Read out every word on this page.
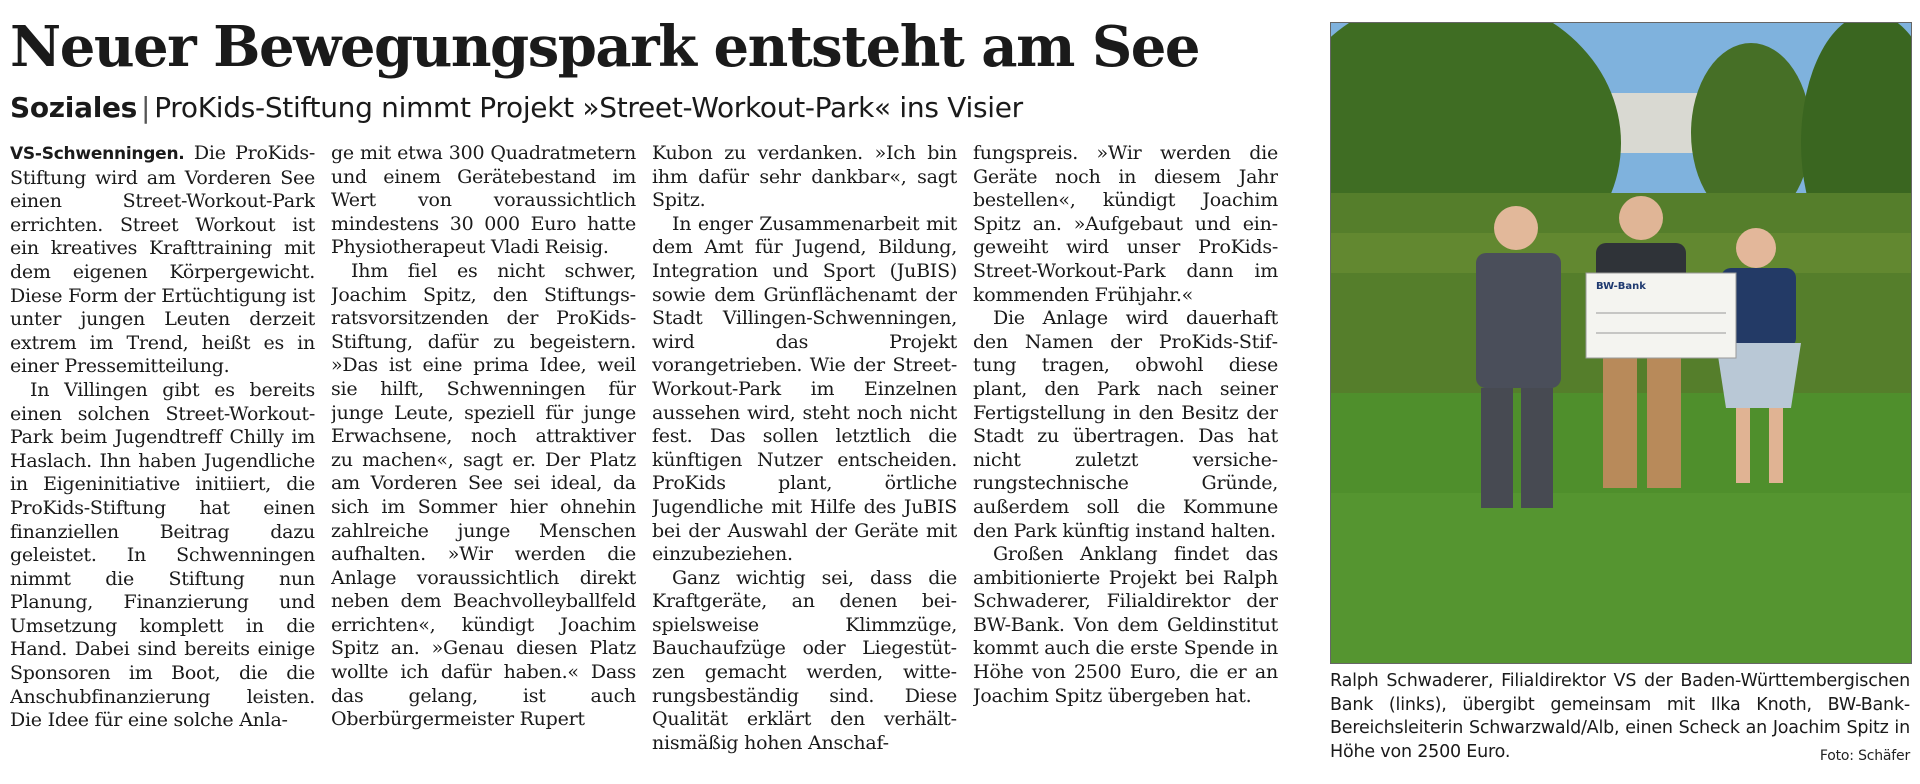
Neuer Bewegungspark entsteht am See
Soziales | ProKids-Stiftung nimmt Projekt »Street-Workout-Park« ins Visier

VS-Schwenningen. Die ProKids-Stiftung wird am Vorderen See einen Street-Workout-Park errichten. Street Workout ist ein kreatives Krafttraining mit dem eigenen Körpergewicht. Diese Form der Ertüchtigung ist unter jungen Leuten derzeit extrem im Trend, heißt es in einer Pressemitteilung.

In Villingen gibt es bereits einen solchen Street-Workout-Park beim Jugendtreff Chilly im Haslach. Ihn haben Jugendliche in Eigeninitiative initiiert, die ProKids-Stiftung hat einen finanziellen Beitrag dazu geleistet. In Schwenningen nimmt die Stiftung nun Planung, Finanzierung und Umsetzung komplett in die Hand. Dabei sind bereits einige Sponsoren im Boot, die die Anschubfinanzierung leisten. Die Idee für eine solche Anla-

ge mit etwa 300 Quadratmetern und einem Gerätebestand im Wert von voraussichtlich mindestens 30 000 Euro hatte Physiotherapeut Vladi Reisig.

Ihm fiel es nicht schwer, Joachim Spitz, den Stiftungsratsvorsitzenden der ProKids-Stiftung, dafür zu begeistern. »Das ist eine prima Idee, weil sie hilft, Schwenningen für junge Leute, speziell für junge Erwachsene, noch attraktiver zu machen«, sagt er. Der Platz am Vorderen See sei ideal, da sich im Sommer hier ohnehin zahlreiche junge Menschen aufhalten. »Wir werden die Anlage voraussichtlich direkt neben dem Beachvolleyballfeld errichten«, kündigt Joachim Spitz an. »Genau diesen Platz wollte ich dafür haben.« Dass das gelang, ist auch Oberbürgermeister Rupert

Kubon zu verdanken. »Ich bin ihm dafür sehr dankbar«, sagt Spitz.

In enger Zusammenarbeit mit dem Amt für Jugend, Bildung, Integration und Sport (JuBIS) sowie dem Grünflächenamt der Stadt Villingen-Schwenningen, wird das Projekt vorangetrieben. Wie der Street-Workout-Park im Einzelnen aussehen wird, steht noch nicht fest. Das sollen letztlich die künftigen Nutzer entscheiden. ProKids plant, örtliche Jugendliche mit Hilfe des JuBIS bei der Auswahl der Geräte mit einzubeziehen.

Ganz wichtig sei, dass die Kraftgeräte, an denen beispielsweise Klimmzüge, Bauchaufzüge oder Liegestützen gemacht werden, witterungsbeständig sind. Diese Qualität erklärt den verhältnismäßig hohen Anschaf-

fungspreis. »Wir werden die Geräte noch in diesem Jahr bestellen«, kündigt Joachim Spitz an. »Aufgebaut und eingeweiht wird unser ProKids-Street-Workout-Park dann im kommenden Frühjahr.«

Die Anlage wird dauerhaft den Namen der ProKids-Stiftung tragen, obwohl diese plant, den Park nach seiner Fertigstellung in den Besitz der Stadt zu übertragen. Das hat nicht zuletzt versicherungstechnische Gründe, außerdem soll die Kommune den Park künftig instand halten.

Großen Anklang findet das ambitionierte Projekt bei Ralph Schwaderer, Filialdirektor der BW-Bank. Von dem Geldinstitut kommt auch die erste Spende in Höhe von 2500 Euro, die er an Joachim Spitz übergeben hat.

BW-Bank
Ralph Schwaderer, Filialdirektor VS der Baden-Württembergischen Bank (links), übergibt gemeinsam mit Ilka Knoth, BW-Bank-Bereichsleiterin Schwarzwald/Alb, einen Scheck an Joachim Spitz in Höhe von 2500 Euro.	Foto: Schäfer
